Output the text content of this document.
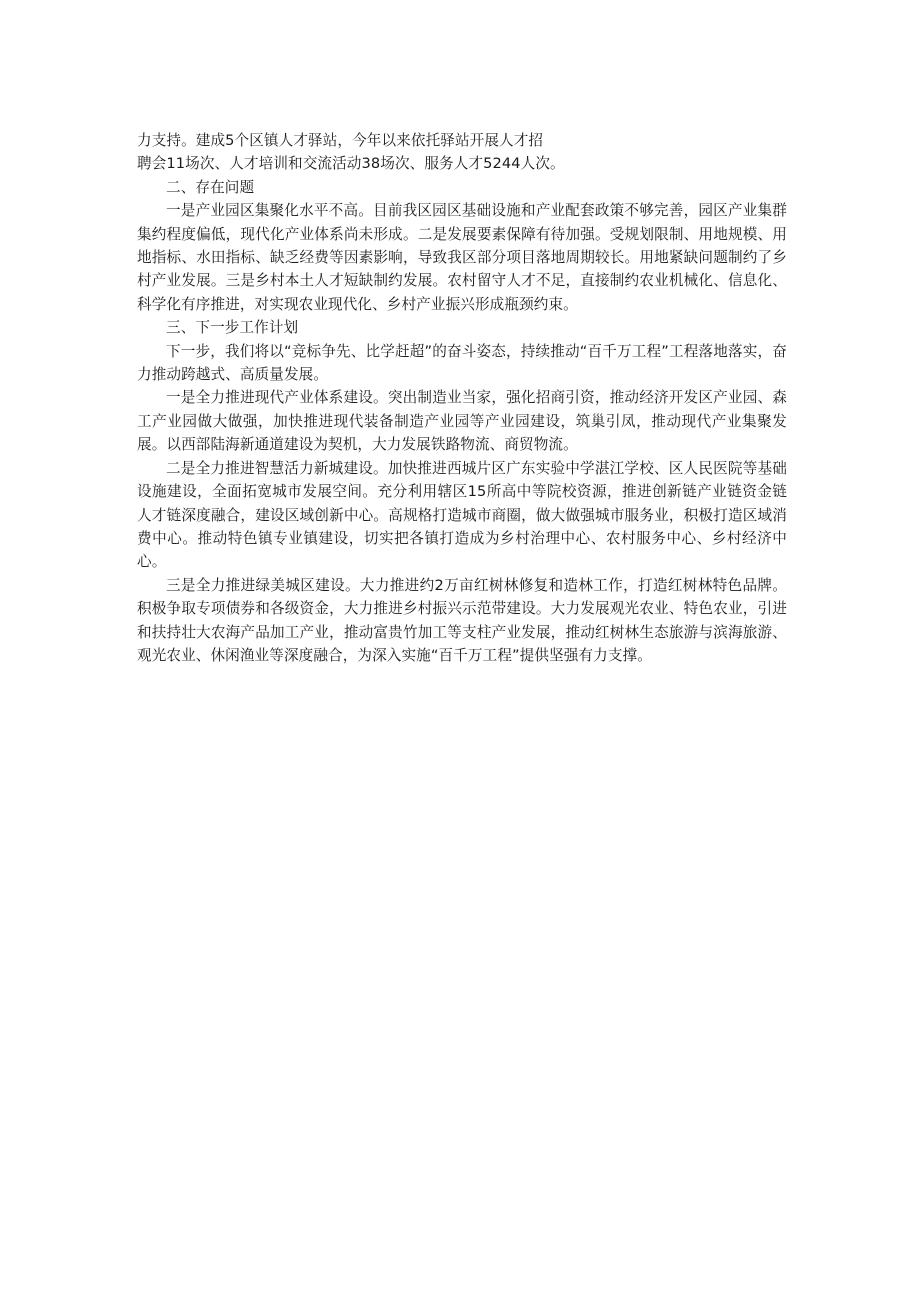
力支持。建成5个区镇人才驿站，今年以来依托驿站开展人才招

聘会11场次、人才培训和交流活动38场次、服务人才5244人次。

二、存在问题

一是产业园区集聚化水平不高。目前我区园区基础设施和产业配套政策不够完善，园区产业集群集约程度偏低，现代化产业体系尚未形成。二是发展要素保障有待加强。受规划限制、用地规模、用地指标、水田指标、缺乏经费等因素影响，导致我区部分项目落地周期较长。用地紧缺问题制约了乡村产业发展。三是乡村本土人才短缺制约发展。农村留守人才不足，直接制约农业机械化、信息化、科学化有序推进，对实现农业现代化、乡村产业振兴形成瓶颈约束。

三、下一步工作计划

下一步，我们将以“竞标争先、比学赶超”的奋斗姿态，持续推动“百千万工程”工程落地落实，奋力推动跨越式、高质量发展。

一是全力推进现代产业体系建设。突出制造业当家，强化招商引资，推动经济开发区产业园、森工产业园做大做强，加快推进现代装备制造产业园等产业园建设，筑巢引凤，推动现代产业集聚发展。以西部陆海新通道建设为契机，大力发展铁路物流、商贸物流。

二是全力推进智慧活力新城建设。加快推进西城片区广东实验中学湛江学校、区人民医院等基础设施建设，全面拓宽城市发展空间。充分利用辖区15所高中等院校资源，推进创新链产业链资金链人才链深度融合，建设区域创新中心。高规格打造城市商圈，做大做强城市服务业，积极打造区域消费中心。推动特色镇专业镇建设，切实把各镇打造成为乡村治理中心、农村服务中心、乡村经济中心。

三是全力推进绿美城区建设。大力推进约2万亩红树林修复和造林工作，打造红树林特色品牌。积极争取专项债券和各级资金，大力推进乡村振兴示范带建设。大力发展观光农业、特色农业，引进和扶持壮大农海产品加工产业，推动富贵竹加工等支柱产业发展，推动红树林生态旅游与滨海旅游、观光农业、休闲渔业等深度融合，为深入实施“百千万工程”提供坚强有力支撑。
